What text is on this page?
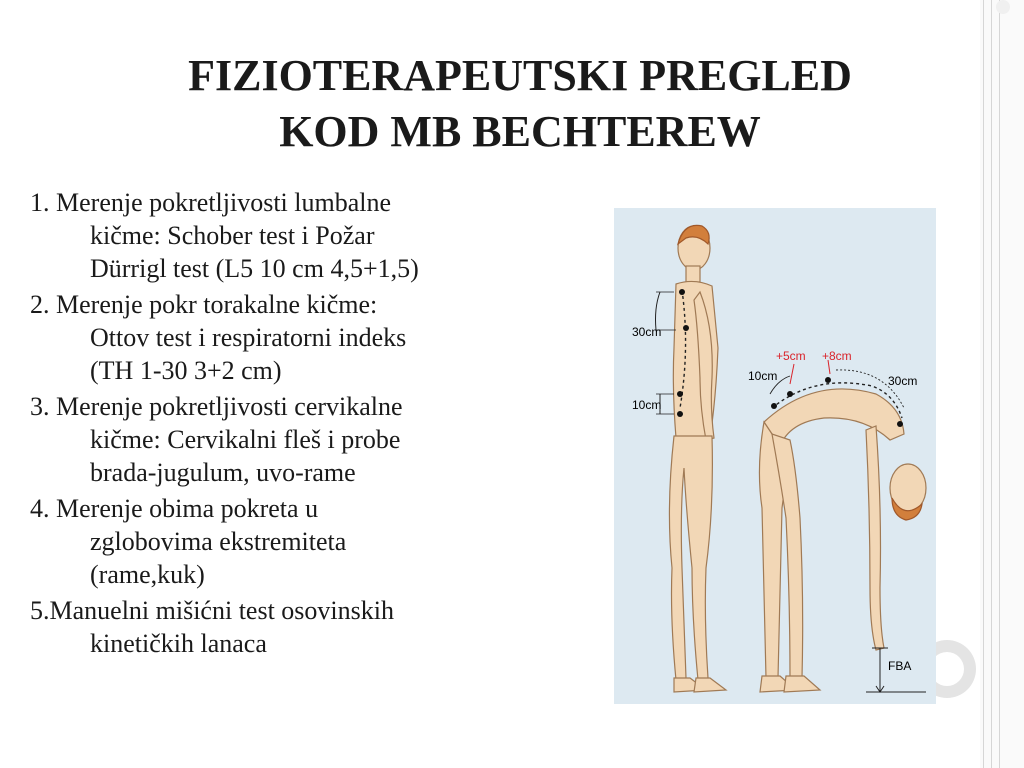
FIZIOTERAPEUTSKI PREGLED
KOD MB BECHTEREW
1. Merenje pokretljivosti lumbalne
kičme: Schober test i Požar
Dürrigl test (L5 10 cm 4,5+1,5)
2. Merenje pokr torakalne kičme:
Ottov test i respiratorni indeks
(TH 1-30 3+2 cm)
3. Merenje pokretljivosti cervikalne
kičme: Cervikalni fleš i probe
brada-jugulum, uvo-rame
4. Merenje obima pokreta u
zglobovima ekstremiteta
(rame,kuk)
5.Manuelni mišićni test osovinskih
kinetičkih lanaca
30cm
10cm
10cm
+5cm +8cm
30cm
FBA
